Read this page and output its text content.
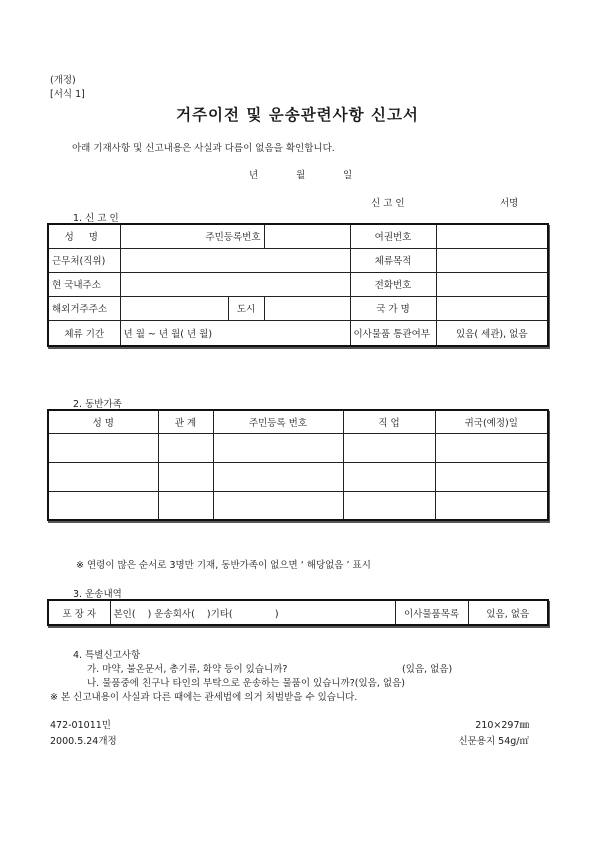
(개정)
[서식 1]
거주이전 및 운송관련사항 신고서
아래 기재사항 및 신고내용은 사실과 다름이 없음을 확인합니다.
년	월	일
신 고 인	서명
1. 신 고 인
성 명	주민등록번호			여권번호	
근무처(직위)				체류목적	
현 국내주소				전화번호	
해외거주주소		도시		국 가 명	
체류 기간	년 월 ~ 년 월( 년 월)			이사물품 통관여부	있음( 세관), 없음
2. 동반가족
성 명	관 계	주민등록 번호	직 업	귀국(예정)일

※ 연령이 많은 순서로 3명만 기재, 동반가족이 없으면 ‘ 해당없음 ’ 표시
3. 운송내역
포 장 자	본인(    ) 운송회사(    )기타(              )	이사물품목록	있음, 없음
4. 특별신고사항
가. 마약, 불온문서, 총기류, 화약 등이 있습니까?	(있음, 없음)
나. 물품중에 친구나 타인의 부탁으로 운송하는 물품이 있습니까?(있음, 없음)
※ 본 신고내용이 사실과 다른 때에는 관세법에 의거 처벌받을 수 있습니다.
472-01011민
2000.5.24개정
210×297㎜
신문용지 54g/㎡
